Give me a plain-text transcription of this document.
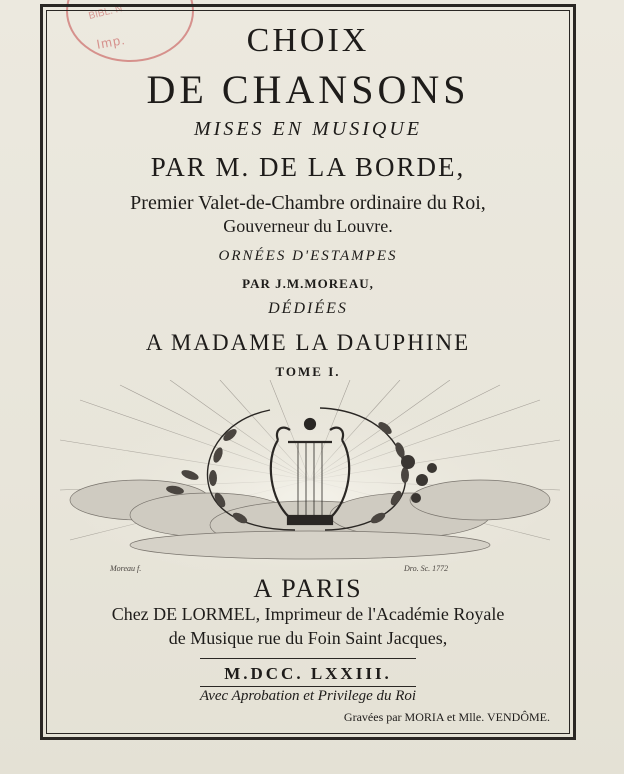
BIBL. N
Imp.	CHOIX
DE CHANSONS
MISES EN MUSIQUE
PAR M. DE LA BORDE,
Premier Valet-de-Chambre ordinaire du Roi,
Gouverneur du Louvre.
ORNÉES D'ESTAMPES
PAR J.M.MOREAU,
DÉDIÉES
A MADAME LA DAUPHINE
TOME I.
Moreau f.	Dro. Sc. 1772
A PARIS
Chez DE LORMEL, Imprimeur de l'Académie Royale
de Musique rue du Foin Saint Jacques,
M.DCC. LXXIII.
Avec Aprobation et Privilege du Roi
Gravées par MORIA et Mlle. VENDÔME.
